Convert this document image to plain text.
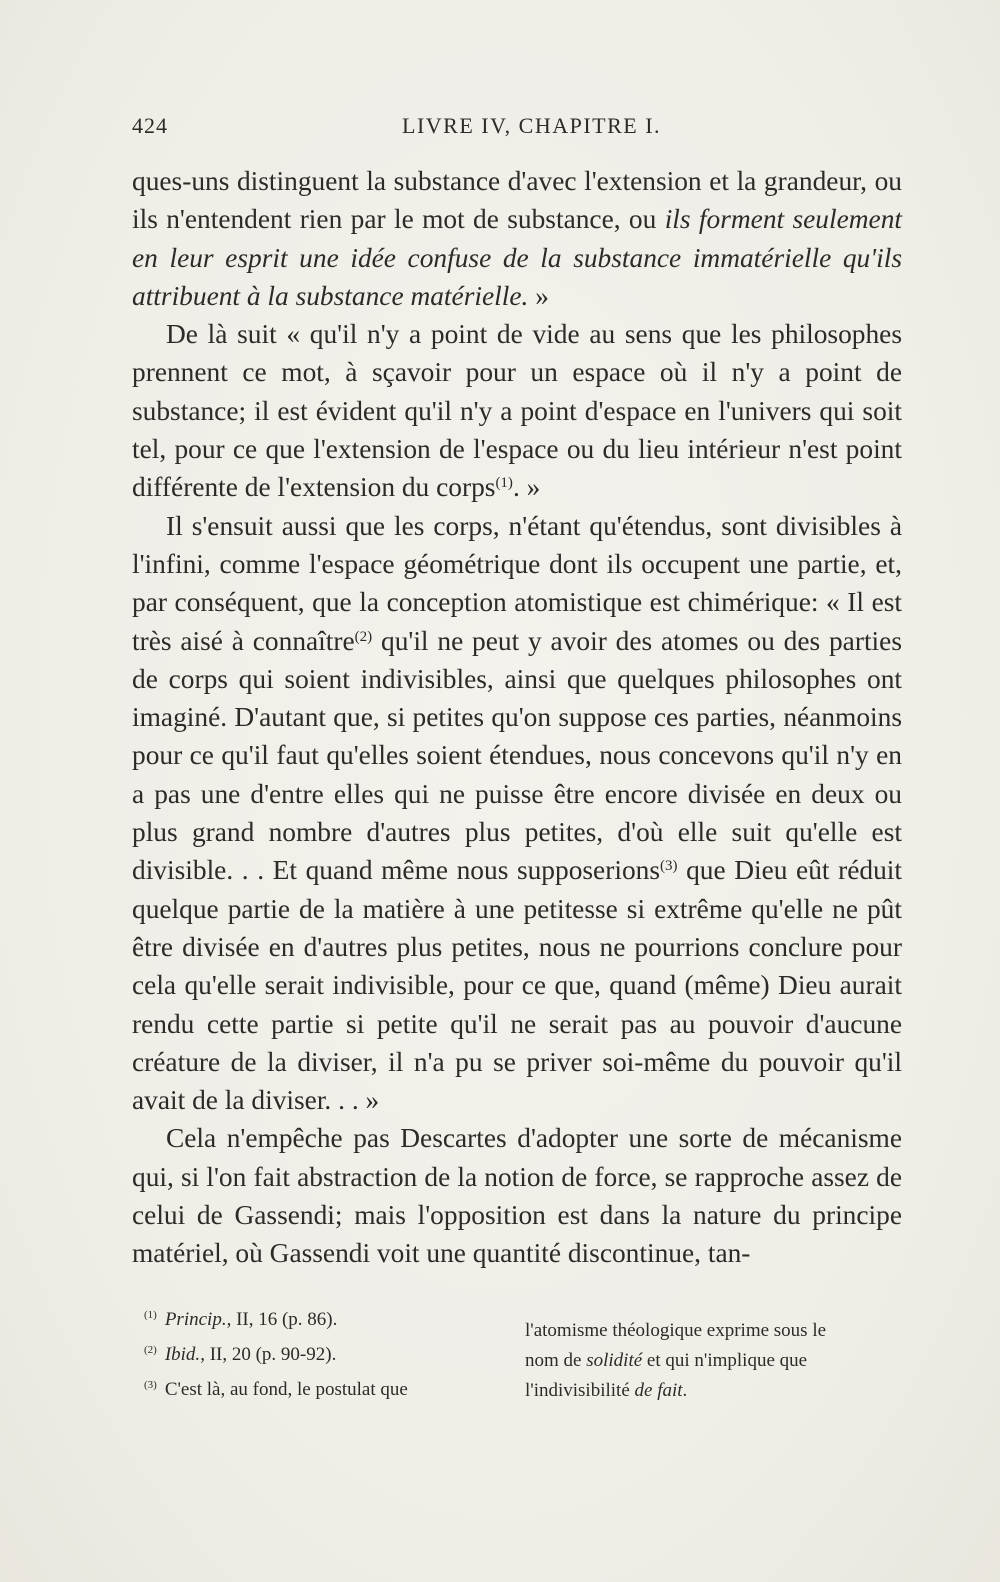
424	LIVRE IV, CHAPITRE I.

ques-uns distinguent la substance d'avec l'extension et la grandeur, ou ils n'entendent rien par le mot de substance, ou ils forment seulement en leur esprit une idée confuse de la substance immatérielle qu'ils attribuent à la substance matérielle. »

De là suit « qu'il n'y a point de vide au sens que les philosophes prennent ce mot, à sçavoir pour un espace où il n'y a point de substance; il est évident qu'il n'y a point d'espace en l'univers qui soit tel, pour ce que l'extension de l'espace ou du lieu intérieur n'est point différente de l'extension du corps$^{(1)}$. »

Il s'ensuit aussi que les corps, n'étant qu'étendus, sont divisibles à l'infini, comme l'espace géométrique dont ils occupent une partie, et, par conséquent, que la conception atomistique est chimérique: « Il est très aisé à connaître$^{(2)}$ qu'il ne peut y avoir des atomes ou des parties de corps qui soient indivisibles, ainsi que quelques philosophes ont imaginé. D'autant que, si petites qu'on suppose ces parties, néanmoins pour ce qu'il faut qu'elles soient étendues, nous concevons qu'il n'y en a pas une d'entre elles qui ne puisse être encore divisée en deux ou plus grand nombre d'autres plus petites, d'où elle suit qu'elle est divisible. . . Et quand même nous supposerions$^{(3)}$ que Dieu eût réduit quelque partie de la matière à une petitesse si extrême qu'elle ne pût être divisée en d'autres plus petites, nous ne pourrions conclure pour cela qu'elle serait indivisible, pour ce que, quand (même) Dieu aurait rendu cette partie si petite qu'il ne serait pas au pouvoir d'aucune créature de la diviser, il n'a pu se priver soi-même du pouvoir qu'il avait de la diviser. . . »

Cela n'empêche pas Descartes d'adopter une sorte de mécanisme qui, si l'on fait abstraction de la notion de force, se rapproche assez de celui de Gassendi; mais l'opposition est dans la nature du principe matériel, où Gassendi voit une quantité discontinue, tan-

$^{(1)}$ Princip., II, 16 (p. 86).
$^{(2)}$ Ibid., II, 20 (p. 90-92).
$^{(3)}$ C'est là, au fond, le postulat que
l'atomisme théologique exprime sous le
nom de solidité et qui n'implique que
l'indivisibilité de fait.
